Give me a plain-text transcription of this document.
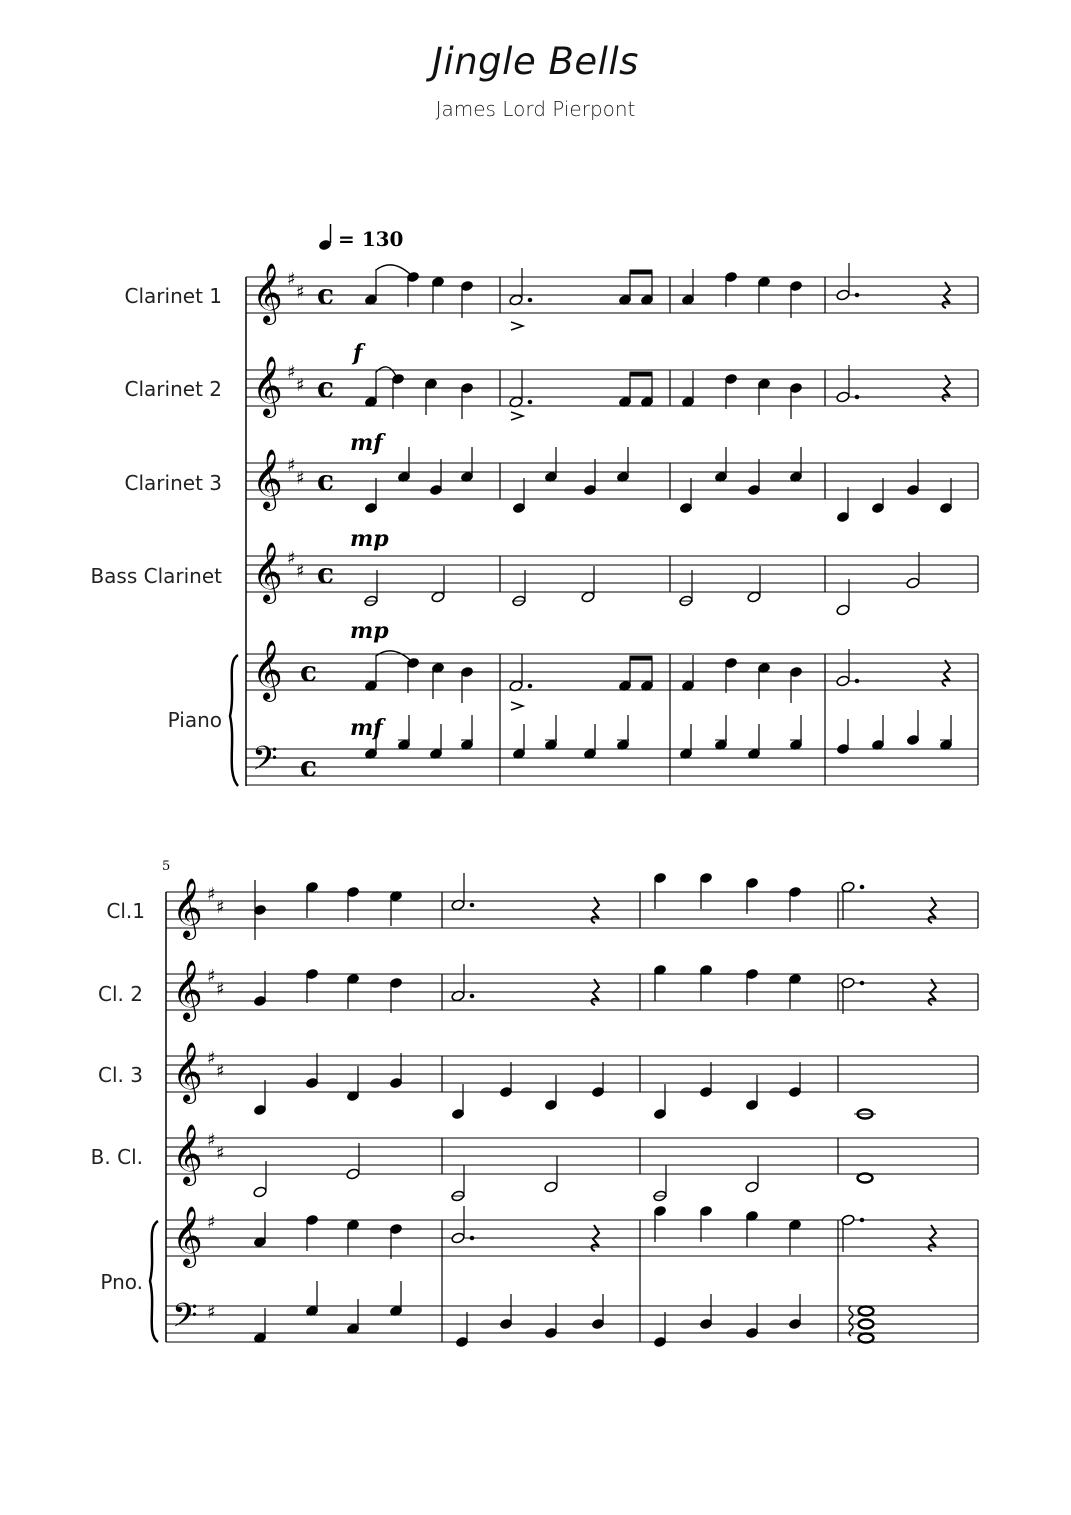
Jingle Bells
James Lord Pierpont
= 130
Clarinet 1
Clarinet 2
Clarinet 3
Bass Clarinet
Piano
𝄞
𝄞
𝄞
𝄞
𝄞
𝄢
♯
♯
♯
♯
♯
♯
♯
♯
c
c
c
c
c
c
f
mf
mp
mp
mf
5
Cl.1
Cl. 2
Cl. 3
B. Cl.
Pno.
𝄞
𝄞
𝄞
𝄞
𝄞
𝄢
♯
♯
♯
♯
♯
♯
♯
♯
♯
♯
